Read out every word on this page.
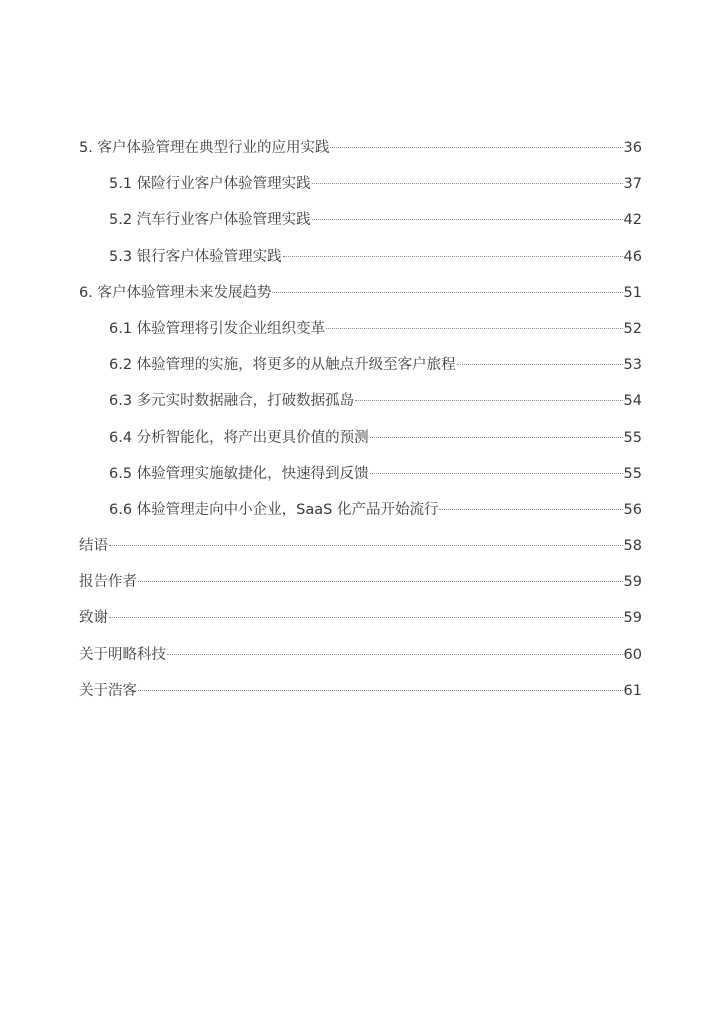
5. 客户体验管理在典型行业的应用实践	36
5.1 保险行业客户体验管理实践	37
5.2 汽车行业客户体验管理实践	42
5.3 银行客户体验管理实践	46
6. 客户体验管理未来发展趋势	51
6.1 体验管理将引发企业组织变革	52
6.2 体验管理的实施，将更多的从触点升级至客户旅程	53
6.3 多元实时数据融合，打破数据孤岛	54
6.4 分析智能化，将产出更具价值的预测	55
6.5 体验管理实施敏捷化，快速得到反馈	55
6.6 体验管理走向中小企业，SaaS 化产品开始流行	56
结语	58
报告作者	59
致谢	59
关于明略科技	60
关于浩客	61
